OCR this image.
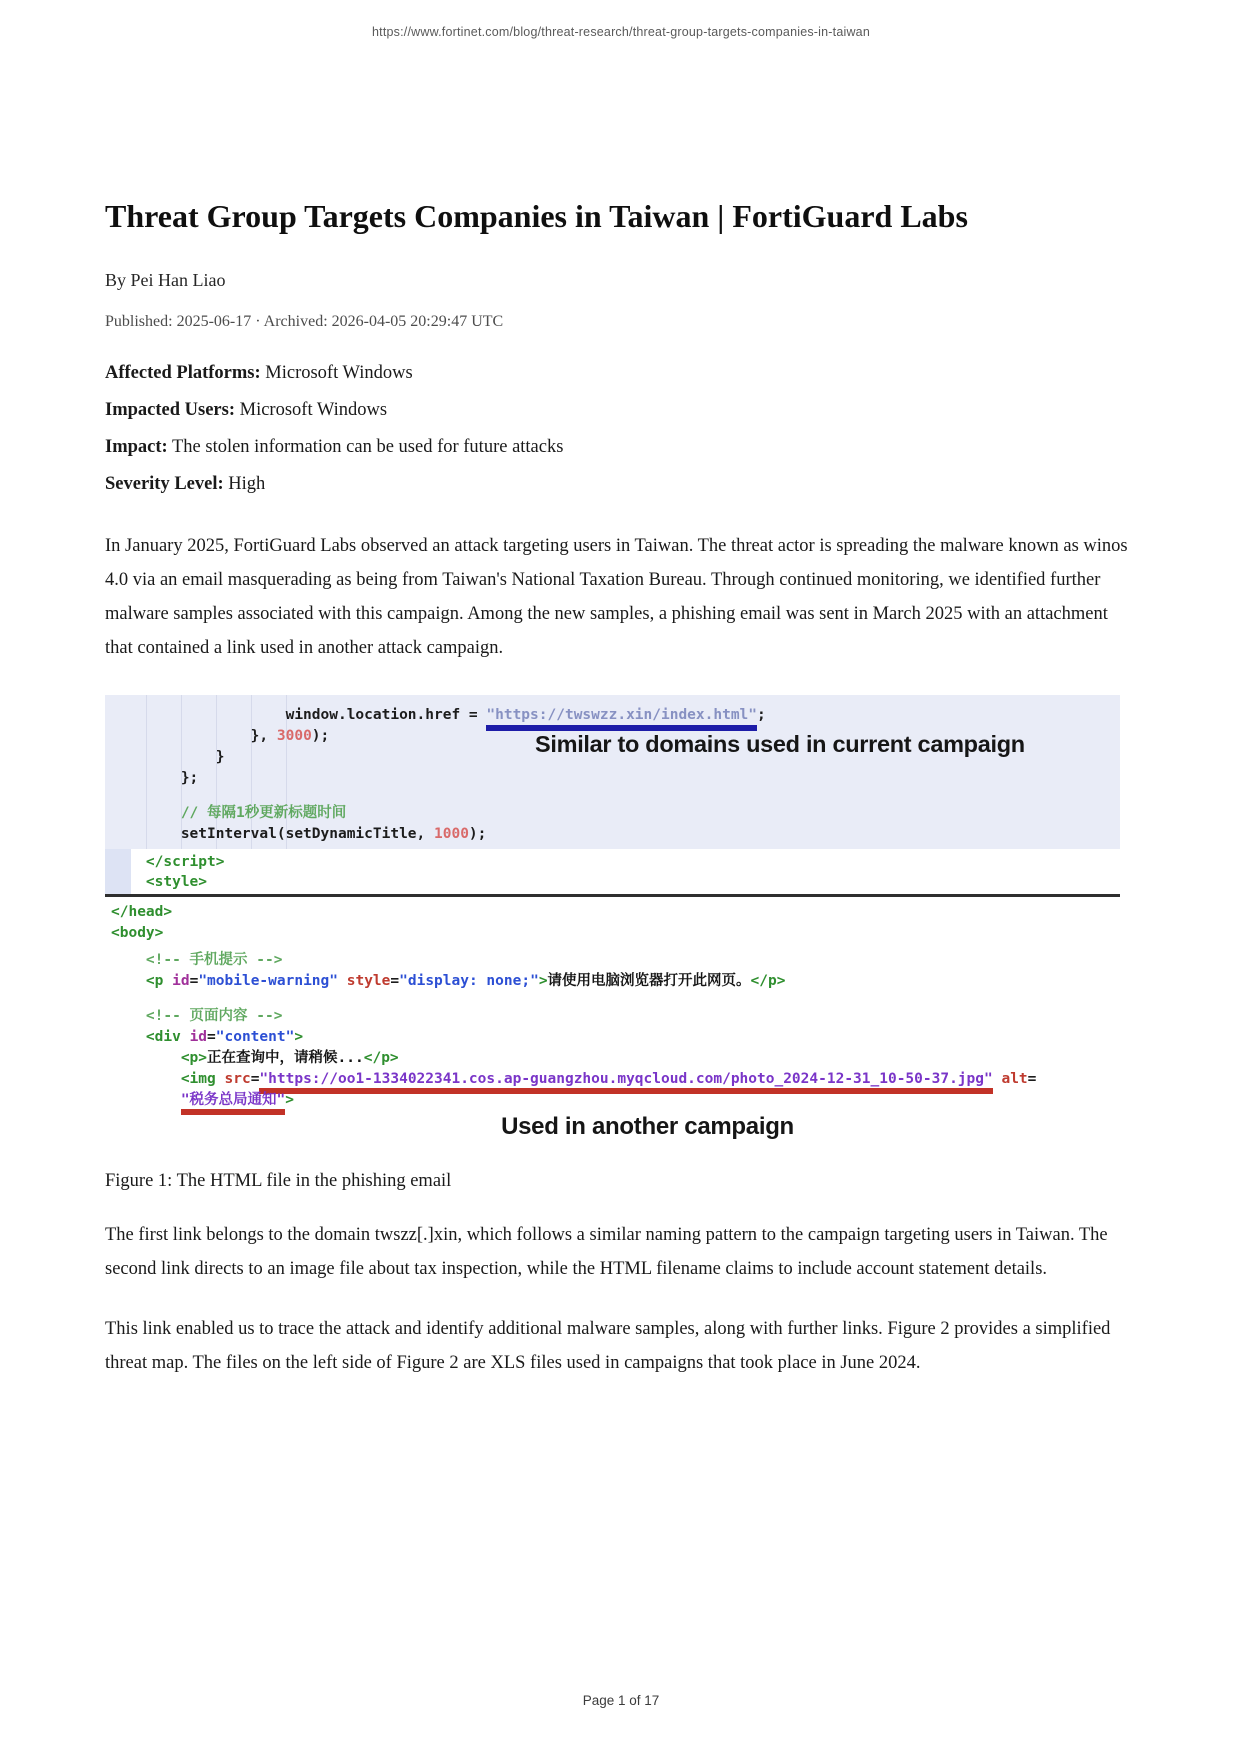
https://www.fortinet.com/blog/threat-research/threat-group-targets-companies-in-taiwan
Threat Group Targets Companies in Taiwan | FortiGuard Labs
By Pei Han Liao
Published: 2025-06-17 · Archived: 2026-04-05 20:29:47 UTC
Affected Platforms: Microsoft Windows
Impacted Users: Microsoft Windows
Impact: The stolen information can be used for future attacks
Severity Level: High

In January 2025, FortiGuard Labs observed an attack targeting users in Taiwan. The threat actor is spreading the malware known as winos 4.0 via an email masquerading as being from Taiwan's National Taxation Bureau. Through continued monitoring, we identified further malware samples associated with this campaign. Among the new samples, a phishing email was sent in March 2025 with an attachment that contained a link used in another attack campaign.

Similar to domains used in current campaign
window.location.href = "https://twswzz.xin/index.html";
}, 3000);
}
};
// 每隔1秒更新标题时间
setInterval(setDynamicTitle, 1000);
</script>
<style>
</head>
<body>
<!-- 手机提示 -->
<p id="mobile-warning" style="display: none;">请使用电脑浏览器打开此网页。</p>
<!-- 页面内容 -->
<div id="content">
<p>正在查询中，请稍候...</p>
<img src="https://oo1-1334022341.cos.ap-guangzhou.myqcloud.com/photo_2024-12-31_10-50-37.jpg" alt=
"税务总局通知">
Used in another campaign
Figure 1: The HTML file in the phishing email

The first link belongs to the domain twszz[.]xin, which follows a similar naming pattern to the campaign targeting users in Taiwan. The second link directs to an image file about tax inspection, while the HTML filename claims to include account statement details.

This link enabled us to trace the attack and identify additional malware samples, along with further links. Figure 2 provides a simplified threat map. The files on the left side of Figure 2 are XLS files used in campaigns that took place in June 2024.

Page 1 of 17
